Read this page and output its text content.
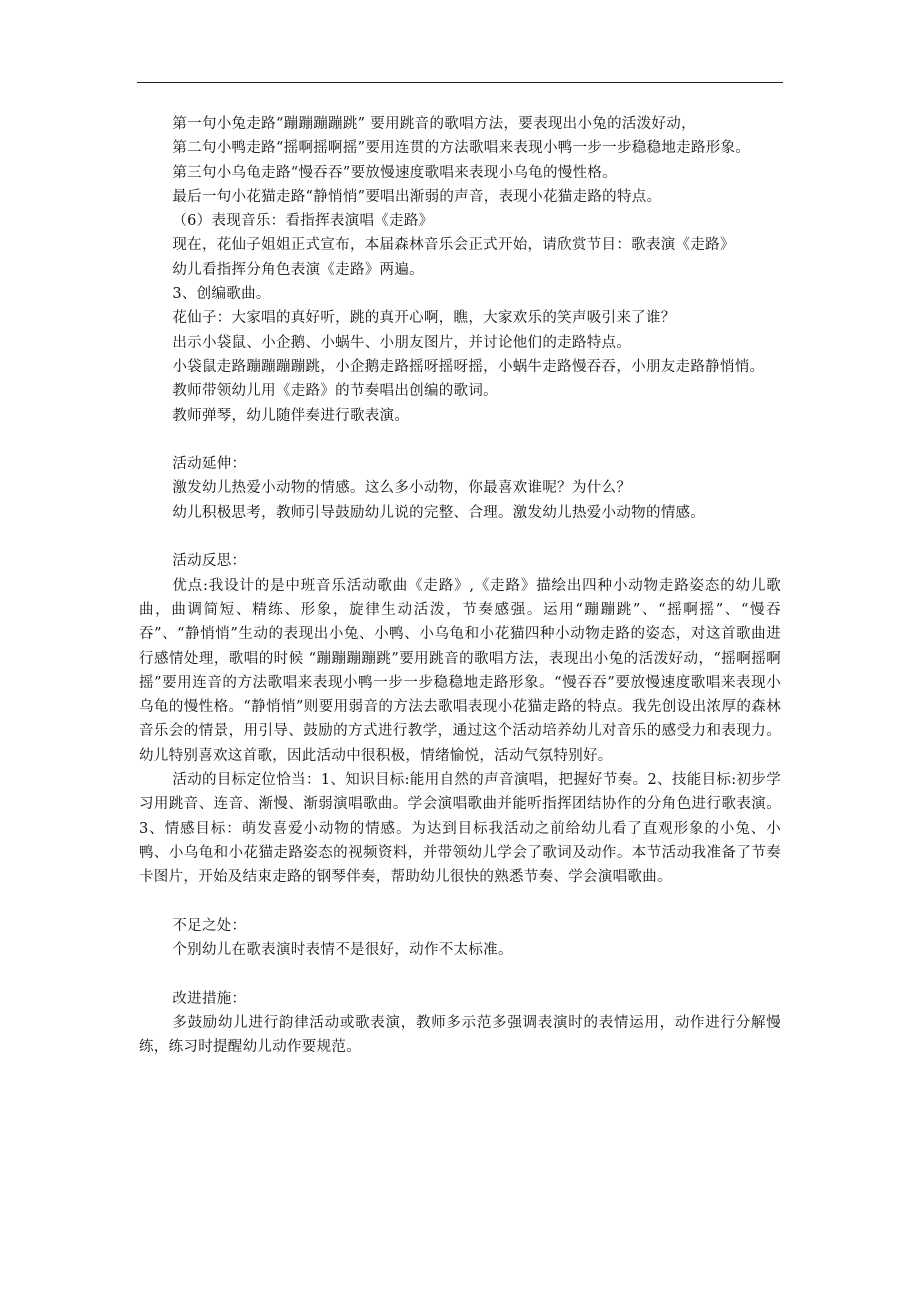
第一句小兔走路“蹦蹦蹦蹦跳” 要用跳音的歌唱方法，要表现出小兔的活泼好动，

第二句小鸭走路“摇啊摇啊摇”要用连贯的方法歌唱来表现小鸭一步一步稳稳地走路形象。

第三句小乌龟走路“慢吞吞”要放慢速度歌唱来表现小乌龟的慢性格。

最后一句小花猫走路“静悄悄”要唱出渐弱的声音，表现小花猫走路的特点。

（6）表现音乐：看指挥表演唱《走路》

现在，花仙子姐姐正式宣布，本届森林音乐会正式开始，请欣赏节目：歌表演《走路》

幼儿看指挥分角色表演《走路》两遍。

3、创编歌曲。

花仙子：大家唱的真好听，跳的真开心啊，瞧，大家欢乐的笑声吸引来了谁？

出示小袋鼠、小企鹅、小蜗牛、小朋友图片，并讨论他们的走路特点。

小袋鼠走路蹦蹦蹦蹦跳，小企鹅走路摇呀摇呀摇，小蜗牛走路慢吞吞，小朋友走路静悄悄。

教师带领幼儿用《走路》的节奏唱出创编的歌词。

教师弹琴，幼儿随伴奏进行歌表演。

活动延伸：

激发幼儿热爱小动物的情感。这么多小动物，你最喜欢谁呢？为什么？

幼儿积极思考，教师引导鼓励幼儿说的完整、合理。激发幼儿热爱小动物的情感。

活动反思：

优点:我设计的是中班音乐活动歌曲《走路》,《走路》描绘出四种小动物走路姿态的幼儿歌曲，曲调简短、精练、形象，旋律生动活泼，节奏感强。运用“蹦蹦跳”、“摇啊摇”、“慢吞吞”、“静悄悄”生动的表现出小兔、小鸭、小乌龟和小花猫四种小动物走路的姿态，对这首歌曲进行感情处理，歌唱的时候 “蹦蹦蹦蹦跳”要用跳音的歌唱方法，表现出小兔的活泼好动，“摇啊摇啊摇”要用连音的方法歌唱来表现小鸭一步一步稳稳地走路形象。“慢吞吞”要放慢速度歌唱来表现小乌龟的慢性格。“静悄悄”则要用弱音的方法去歌唱表现小花猫走路的特点。我先创设出浓厚的森林音乐会的情景，用引导、鼓励的方式进行教学，通过这个活动培养幼儿对音乐的感受力和表现力。幼儿特别喜欢这首歌，因此活动中很积极，情绪愉悦，活动气氛特别好。

活动的目标定位恰当：1、知识目标:能用自然的声音演唱，把握好节奏。2、技能目标:初步学习用跳音、连音、渐慢、渐弱演唱歌曲。学会演唱歌曲并能听指挥团结协作的分角色进行歌表演。3、情感目标：萌发喜爱小动物的情感。为达到目标我活动之前给幼儿看了直观形象的小兔、小鸭、小乌龟和小花猫走路姿态的视频资料，并带领幼儿学会了歌词及动作。本节活动我准备了节奏卡图片，开始及结束走路的钢琴伴奏，帮助幼儿很快的熟悉节奏、学会演唱歌曲。

不足之处：

个别幼儿在歌表演时表情不是很好，动作不太标准。

改进措施：

多鼓励幼儿进行韵律活动或歌表演，教师多示范多强调表演时的表情运用，动作进行分解慢练，练习时提醒幼儿动作要规范。
